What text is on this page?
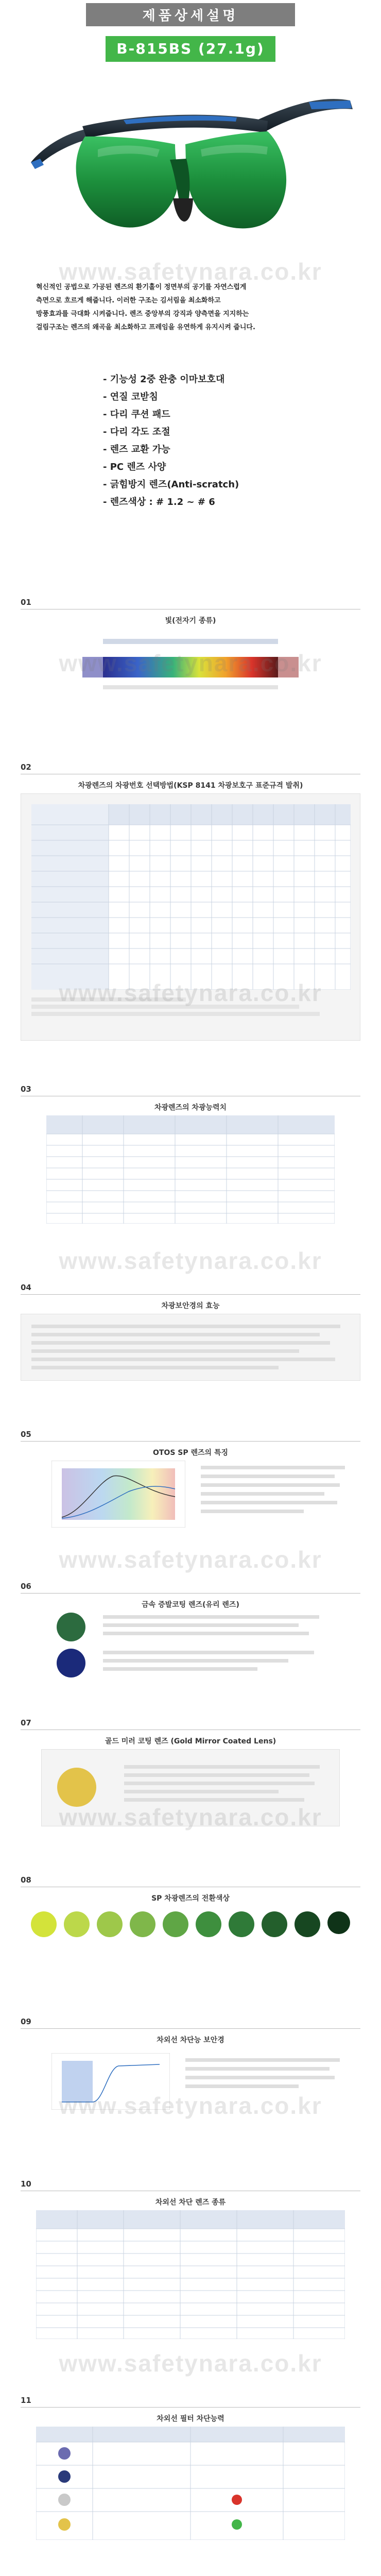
제품상세설명
B-815BS (27.1g)

혁신적인 공법으로 가공된 렌즈의 환기홀이 정면부의 공기를 자연스럽게

측면으로 흐르게 해줍니다. 이러한 구조는 김서림을 최소화하고

방풍효과를 극대화 시켜줍니다. 렌즈 중앙부의 강직과 양측면을 지지하는

걸림구조는 렌즈의 왜곡을 최소화하고 프레임을 유연하게 유지시켜 줍니다.

- 기능성 2중 완충 이마보호대

- 연질 코받침

- 다리 쿠션 패드

- 다리 각도 조절

- 렌즈 교환 가능

- PC 렌즈 사양

- 긁힘방지 렌즈(Anti-scratch)

- 렌즈색상 : # 1.2 ~ # 6

01
빛(전자기 종류)
02
차광렌즈의 차광번호 선택방법(KSP 8141 차광보호구 표준규격 발취)
03
차광렌즈의 차광능력치
04
차광보안경의 효능
05
OTOS SP 렌즈의 특징
06
금속 증발코팅 렌즈(유리 렌즈)
07
골드 미러 코팅 렌즈 (Gold Mirror Coated Lens)
08
SP 차광렌즈의 전환색상
09
차외선 차단능 보안경
10
차외선 차단 렌즈 종류
11
차외선 필터 차단능력
www.safetynara.co.kr
www.safetynara.co.kr
www.safetynara.co.kr
www.safetynara.co.kr
www.safetynara.co.kr
